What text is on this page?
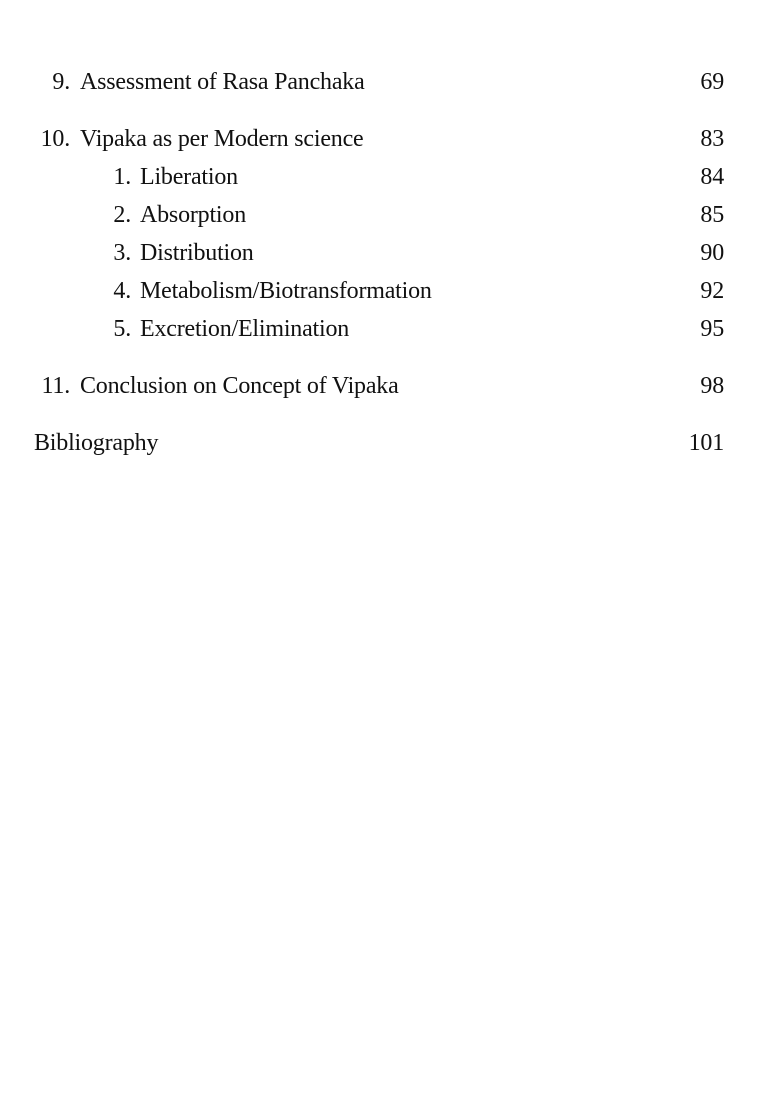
9. Assessment of Rasa Panchaka	69
10. Vipaka as per Modern science	83
1. Liberation	84
2. Absorption	85
3. Distribution	90
4. Metabolism/Biotransformation	92
5. Excretion/Elimination	95
11. Conclusion on Concept of Vipaka	98
Bibliography	101
